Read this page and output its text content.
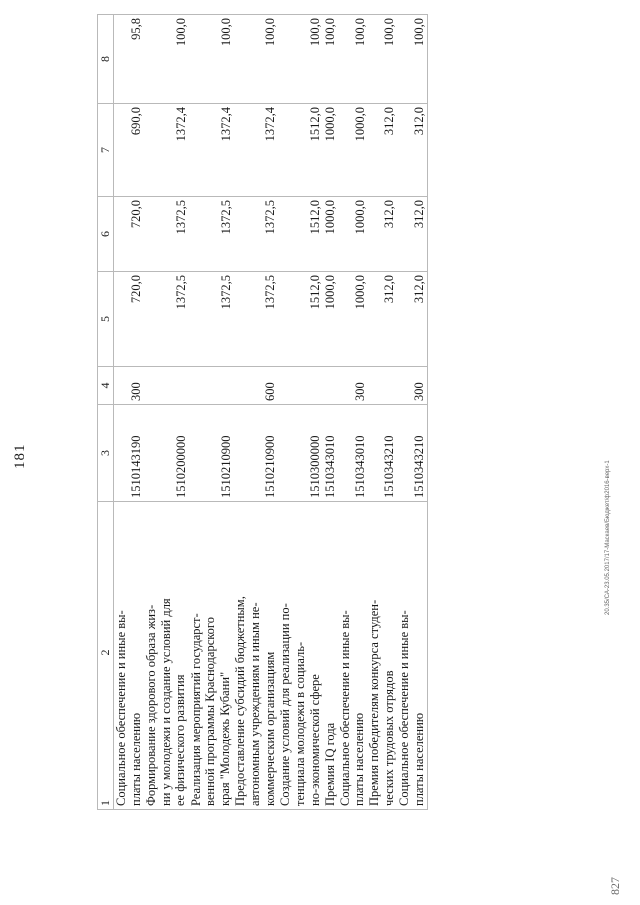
181
1
2	3	4	5	6	7	8
Социальное обеспечение и иные вы-
платы населению	1510143190	300	720,0	720,0	690,0	95,8
Формирование здорового образа жиз-
ни у молодежи и создание условий для
ее физического развития	1510200000		1372,5	1372,5	1372,4	100,0
Реализация мероприятий государст-
венной программы Краснодарского
края "Молодежь Кубани"	1510210900		1372,5	1372,5	1372,4	100,0
Предоставление субсидий бюджетным,
автономным учреждениям и иным не-
коммерческим организациям	1510210900	600	1372,5	1372,5	1372,4	100,0
Создание условий для реализации по-
тенциала молодежи в социаль-
но-экономической сфере	1510300000		1512,0	1512,0	1512,0	100,0
Премия IQ года	1510343010		1000,0	1000,0	1000,0	100,0
Социальное обеспечение и иные вы-
платы населению	1510343010	300	1000,0	1000,0	1000,0	100,0
Премия победителям конкурса студен-
ческих трудовых отрядов	1510343210		312,0	312,0	312,0	100,0
Социальное обеспечение и иные вы-
платы населению	1510343210	300	312,0	312,0	312,0	100,0
20.35/СА-23.05.2017/17-Маскаев/Бюджет/ф2016-верх-1
827
